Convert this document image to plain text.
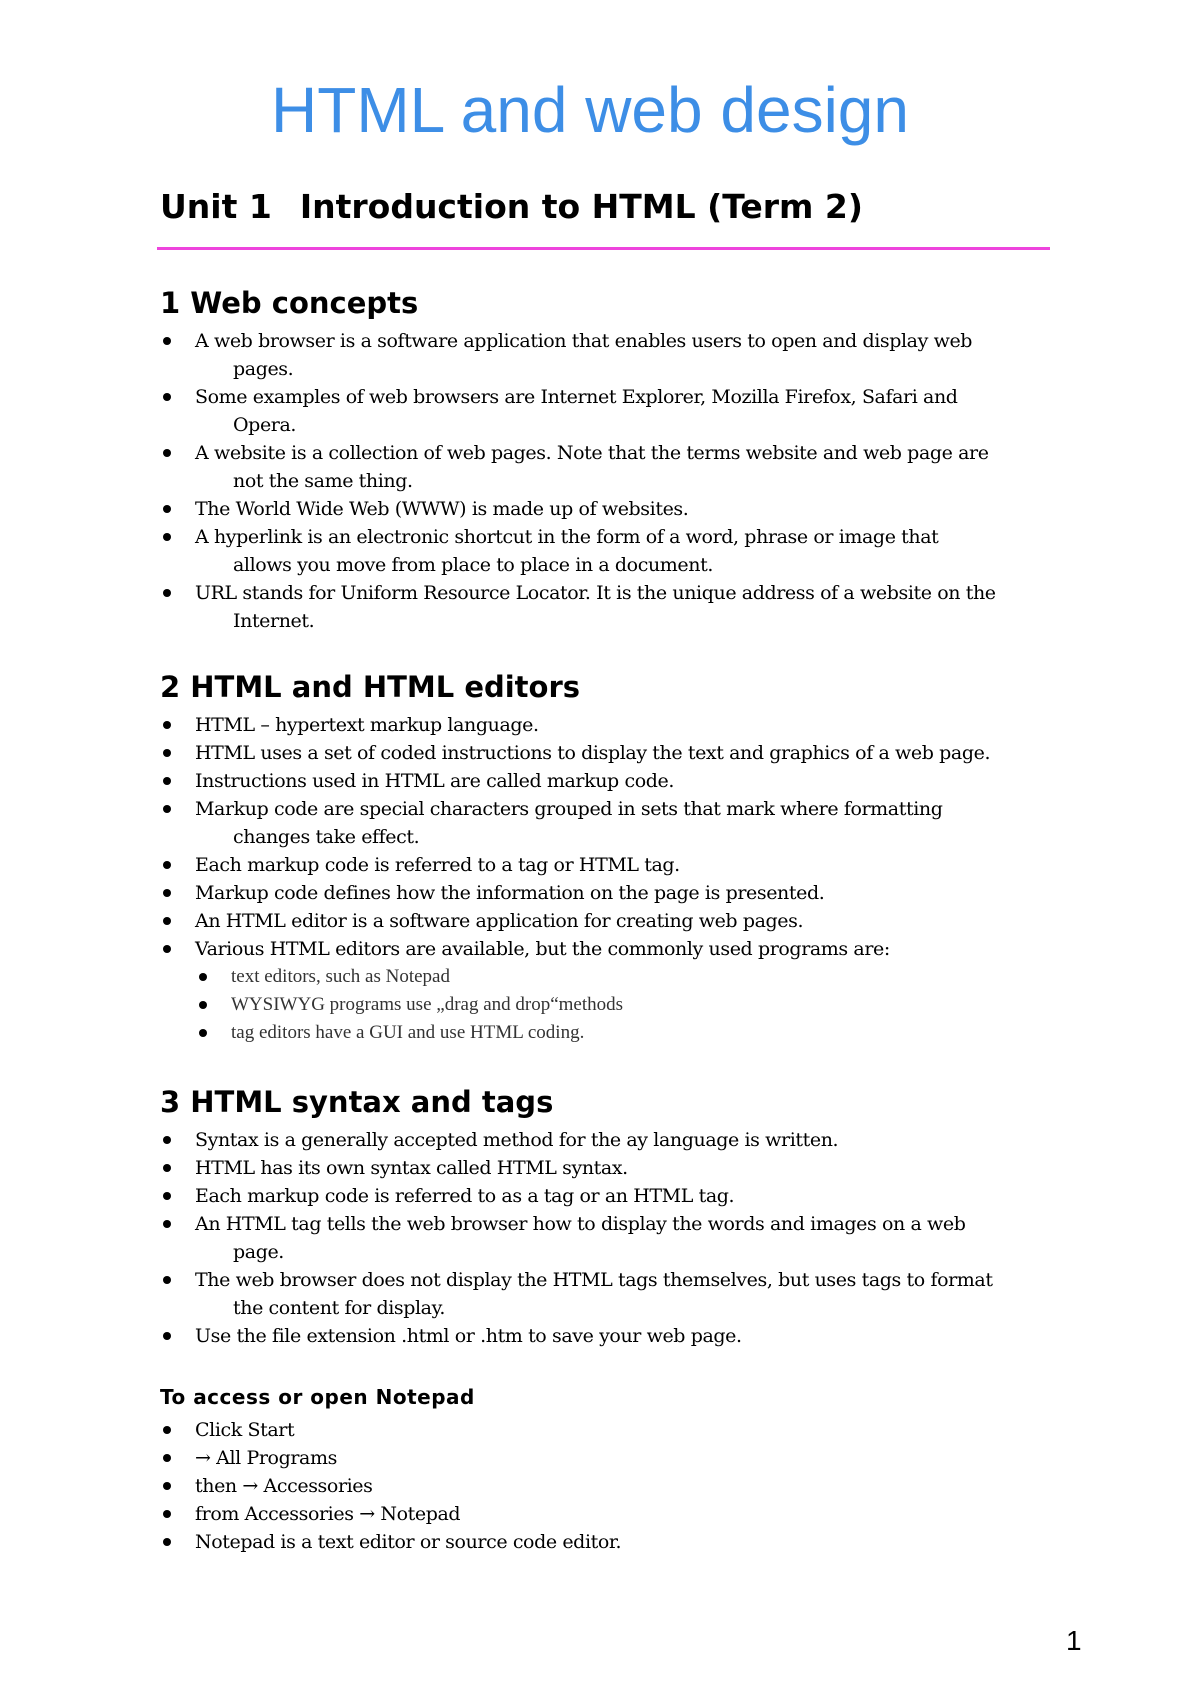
HTML and web design
Unit 1 Introduction to HTML (Term 2)
1 Web concepts
A web browser is a software application that enables users to open and display web
pages.
Some examples of web browsers are Internet Explorer, Mozilla Firefox, Safari and
Opera.
A website is a collection of web pages. Note that the terms website and web page are
not the same thing.
The World Wide Web (WWW) is made up of websites.
A hyperlink is an electronic shortcut in the form of a word, phrase or image that
allows you move from place to place in a document.
URL stands for Uniform Resource Locator. It is the unique address of a website on the
Internet.
2 HTML and HTML editors
HTML – hypertext markup language.
HTML uses a set of coded instructions to display the text and graphics of a web page.
Instructions used in HTML are called markup code.
Markup code are special characters grouped in sets that mark where formatting
changes take effect.
Each markup code is referred to a tag or HTML tag.
Markup code defines how the information on the page is presented.
An HTML editor is a software application for creating web pages.
Various HTML editors are available, but the commonly used programs are:
text editors, such as Notepad
WYSIWYG programs use „drag and drop“methods
tag editors have a GUI and use HTML coding.
3 HTML syntax and tags
Syntax is a generally accepted method for the ay language is written.
HTML has its own syntax called HTML syntax.
Each markup code is referred to as a tag or an HTML tag.
An HTML tag tells the web browser how to display the words and images on a web
page.
The web browser does not display the HTML tags themselves, but uses tags to format
the content for display.
Use the file extension .html or .htm to save your web page.
To access or open Notepad
Click Start
→ All Programs
then → Accessories
from Accessories → Notepad
Notepad is a text editor or source code editor.
1
